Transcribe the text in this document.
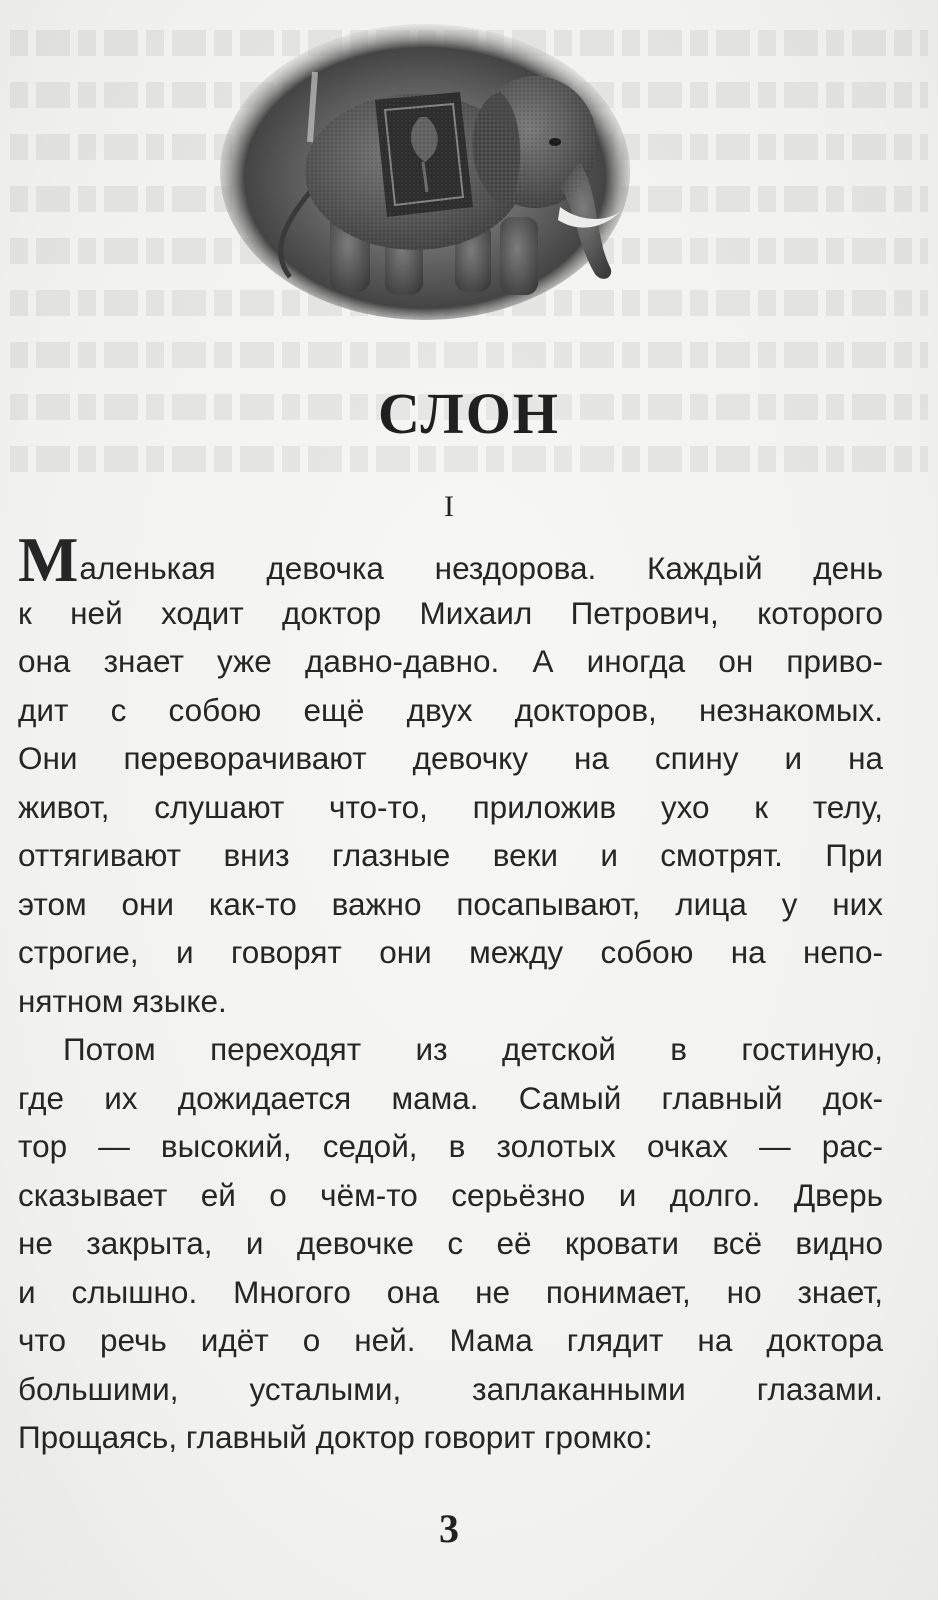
СЛОН
I
Маленькая девочка нездорова. Каждый день
к ней ходит доктор Михаил Петрович, которого
она знает уже давно-давно. А иногда он приво-
дит с собою ещё двух докторов, незнакомых.
Они переворачивают девочку на спину и на
живот, слушают что-то, приложив ухо к телу,
оттягивают вниз глазные веки и смотрят. При
этом они как-то важно посапывают, лица у них
строгие, и говорят они между собою на непо-
нятном языке.
Потом переходят из детской в гостиную,
где их дожидается мама. Самый главный док-
тор — высокий, седой, в золотых очках — рас-
сказывает ей о чём-то серьёзно и долго. Дверь
не закрыта, и девочке с её кровати всё видно
и слышно. Многого она не понимает, но знает,
что речь идёт о ней. Мама глядит на доктора
большими, усталыми, заплаканными глазами.
Прощаясь, главный доктор говорит громко:
3
